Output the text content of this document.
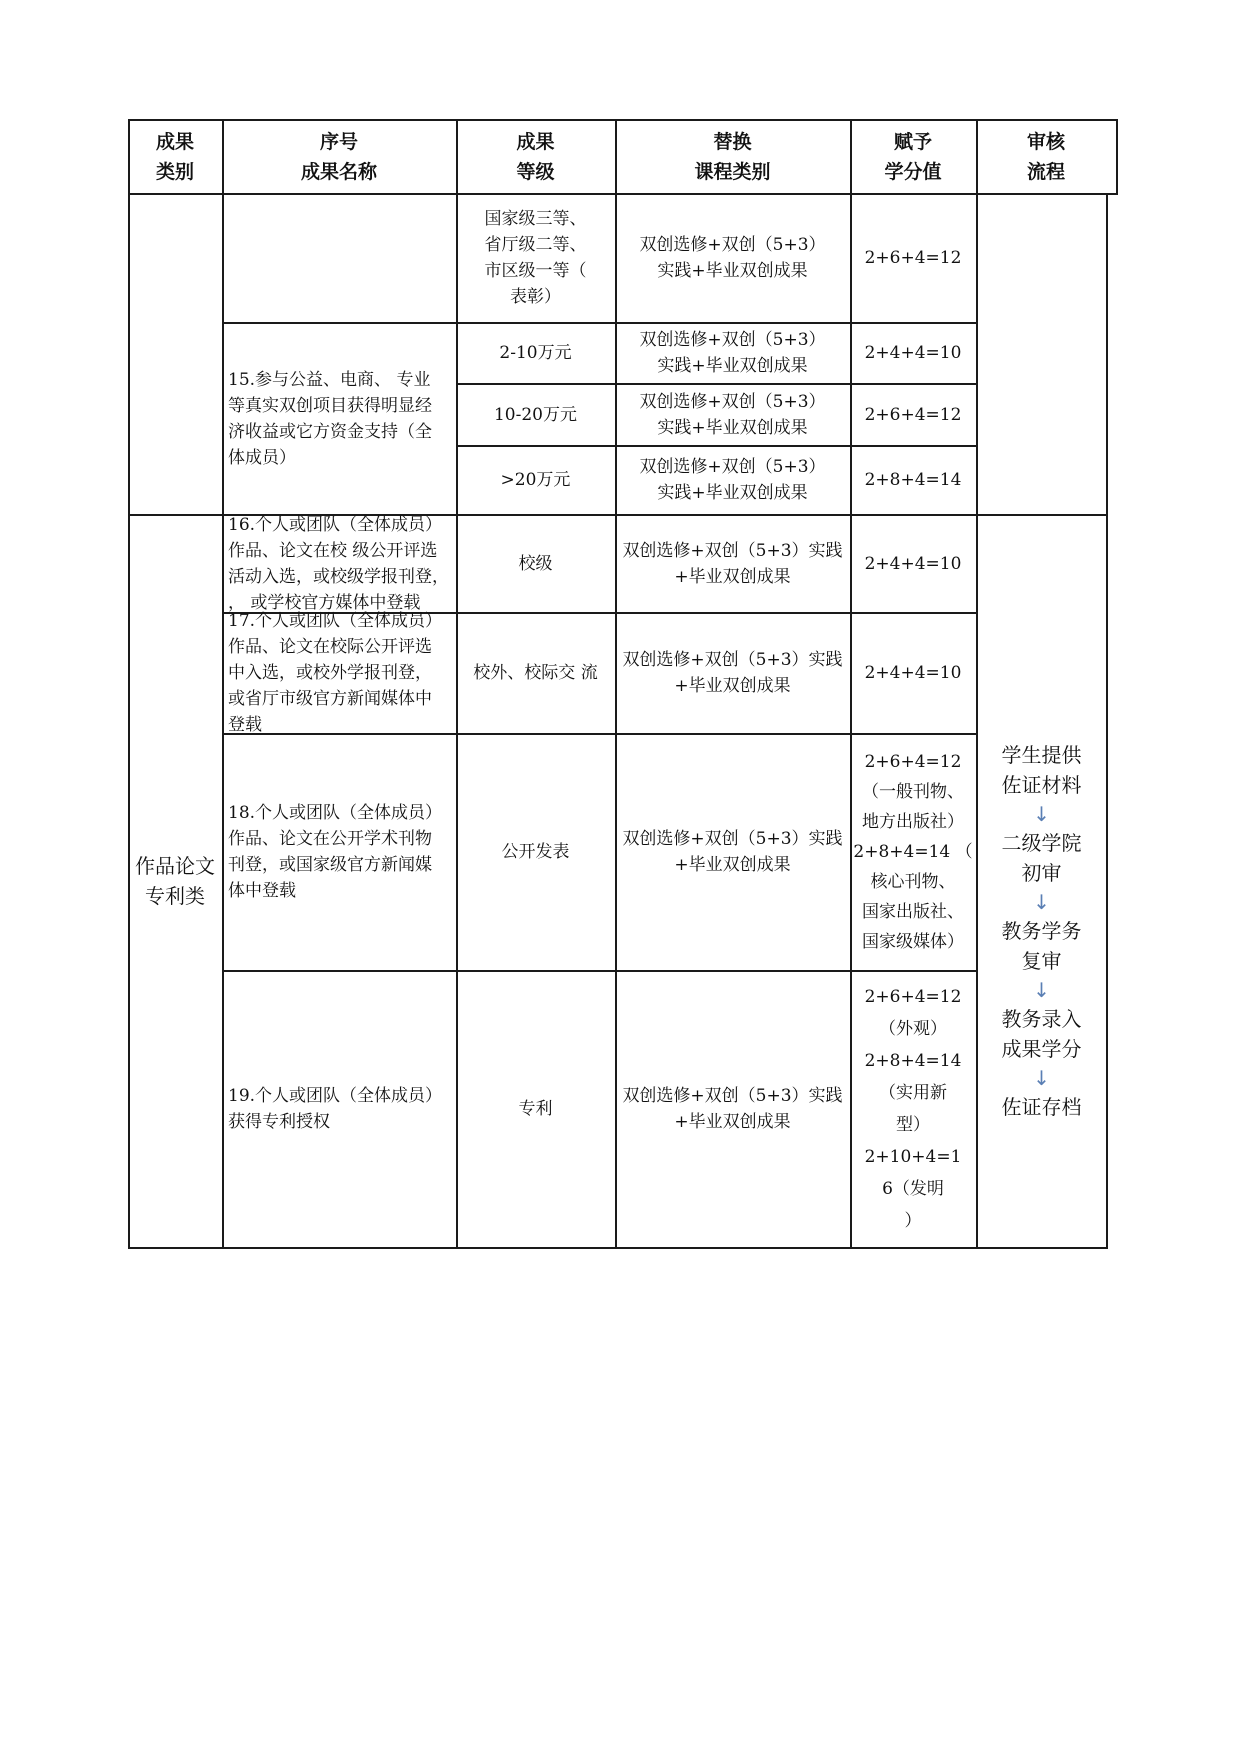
成果
类别
序号
成果名称
成果
等级
替换
课程类别
赋予
学分值
审核
流程
国家级三等、
省厅级二等、
市区级一等（
表彰）
双创选修+双创（5+3）
实践+毕业双创成果
2+6+4=12
15.参与公益、电商、 专业
等真实双创项目获得明显经
济收益或它方资金支持（全
体成员）
2-10万元
10-20万元
>20万元
双创选修+双创（5+3）
实践+毕业双创成果
双创选修+双创（5+3）
实践+毕业双创成果
双创选修+双创（5+3）
实践+毕业双创成果
2+4+4=10
2+6+4=12
2+8+4=14
作品论文
专利类
16.个人或团队（全体成员）
作品、论文在校 级公开评选
活动入选，或校级学报刊登，
， 或学校官方媒体中登载
校级
双创选修+双创（5+3）实践
+毕业双创成果
2+4+4=10
17.个人或团队（全体成员）
作品、论文在校际公开评选
中入选，或校外学报刊登，
或省厅市级官方新闻媒体中
登载
校外、校际交 流
双创选修+双创（5+3）实践
+毕业双创成果
2+4+4=10
18.个人或团队（全体成员）
作品、论文在公开学术刊物
刊登，或国家级官方新闻媒
体中登载
公开发表
双创选修+双创（5+3）实践
+毕业双创成果
2+6+4=12
（一般刊物、
地方出版社）
2+8+4=14 （
核心刊物、
国家出版社、
国家级媒体）
19.个人或团队（全体成员）
获得专利授权
专利
双创选修+双创（5+3）实践
+毕业双创成果
2+6+4=12
（外观）
2+8+4=14
（实用新
型）
2+10+4=1
6（发明
）
学生提供
佐证材料
↓
二级学院
初审
↓
教务学务
复审
↓
教务录入
成果学分
↓
佐证存档
